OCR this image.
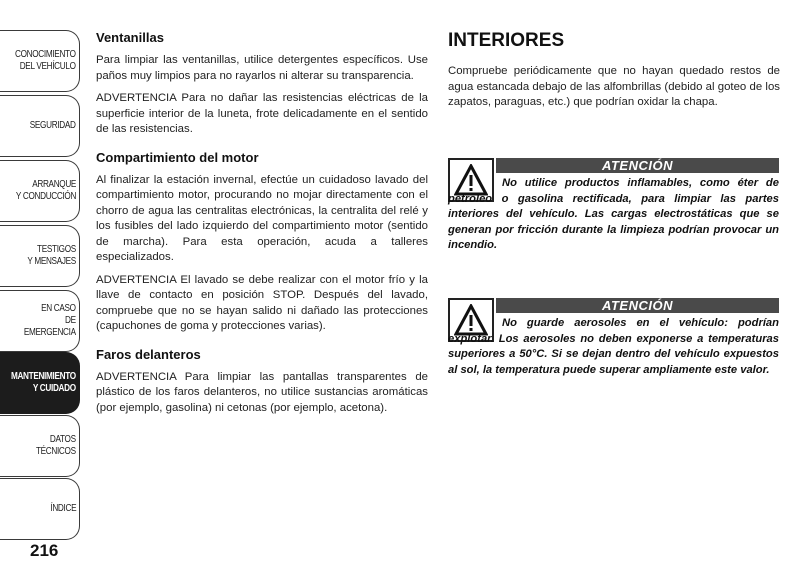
CONOCIMIENTO
DEL VEHÍCULO
SEGURIDAD
ARRANQUE
Y CONDUCCIÓN
TESTIGOS
Y MENSAJES
EN CASO
DE EMERGENCIA
MANTENIMIENTO
Y CUIDADO
DATOS TÉCNICOS
ÍNDICE
216
Ventanillas

Para limpiar las ventanillas, utilice detergentes específicos. Use paños muy limpios para no rayarlos ni alterar su transparencia.

ADVERTENCIA Para no dañar las resistencias eléctricas de la superficie interior de la luneta, frote delicadamente en el sentido de las resistencias.

Compartimiento del motor

Al finalizar la estación invernal, efectúe un cuidadoso lavado del compartimiento motor, procurando no mojar directamente con el chorro de agua las centralitas electrónicas, la centralita del relé y los fusibles del lado izquierdo del compartimiento motor (sentido de marcha). Para esta operación, acuda a talleres especializados.

ADVERTENCIA El lavado se debe realizar con el motor frío y la llave de contacto en posición STOP. Después del lavado, compruebe que no se hayan salido ni dañado las protecciones (capuchones de goma y protecciones varias).

Faros delanteros

ADVERTENCIA Para limpiar las pantallas transparentes de plástico de los faros delanteros, no utilice sustancias aromáticas (por ejemplo, gasolina) ni cetonas (por ejemplo, acetona).

INTERIORES

Compruebe periódicamente que no hayan quedado restos de agua estancada debajo de las alfombrillas (debido al goteo de los zapatos, paraguas, etc.) que podrían oxidar la chapa.

ATENCIÓN
No utilice productos inflamables, como éter de petróleo o gasolina rectificada, para limpiar las partes interiores del vehículo. Las cargas electrostáticas que se generan por fricción durante la limpieza podrían provocar un incendio.
ATENCIÓN
No guarde aerosoles en el vehículo: podrían explotar. Los aerosoles no deben exponerse a temperaturas superiores a 50°C. Si se dejan dentro del vehículo expuestos al sol, la temperatura puede superar ampliamente este valor.
